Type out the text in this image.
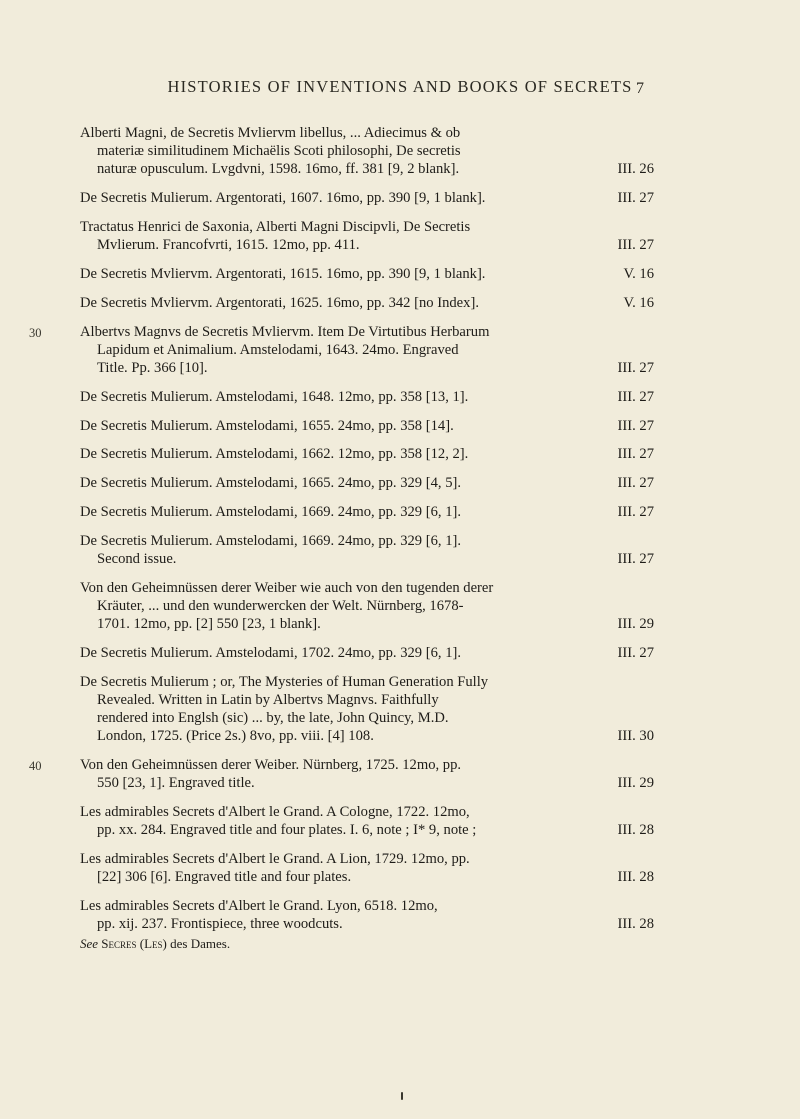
HISTORIES OF INVENTIONS AND BOOKS OF SECRETS 7
Alberti Magni, de Secretis Mvliervm libellus, ... Adiecimus & ob
materiæ similitudinem Michaëlis Scoti philosophi, De secretis
naturæ opusculum. Lvgdvni, 1598. 16mo, ff. 381 [9, 2 blank].	III. 26
De Secretis Mulierum. Argentorati, 1607. 16mo, pp. 390 [9, 1 blank].	III. 27
Tractatus Henrici de Saxonia, Alberti Magni Discipvli, De Secretis
Mvlierum. Francofvrti, 1615. 12mo, pp. 411.	III. 27
De Secretis Mvliervm. Argentorati, 1615. 16mo, pp. 390 [9, 1 blank].	V. 16
De Secretis Mvliervm. Argentorati, 1625. 16mo, pp. 342 [no Index].	V. 16
30	Albertvs Magnvs de Secretis Mvliervm. Item De Virtutibus Herbarum
Lapidum et Animalium. Amstelodami, 1643. 24mo. Engraved
Title. Pp. 366 [10].	III. 27
De Secretis Mulierum. Amstelodami, 1648. 12mo, pp. 358 [13, 1].	III. 27
De Secretis Mulierum. Amstelodami, 1655. 24mo, pp. 358 [14].	III. 27
De Secretis Mulierum. Amstelodami, 1662. 12mo, pp. 358 [12, 2].	III. 27
De Secretis Mulierum. Amstelodami, 1665. 24mo, pp. 329 [4, 5].	III. 27
De Secretis Mulierum. Amstelodami, 1669. 24mo, pp. 329 [6, 1].	III. 27
De Secretis Mulierum. Amstelodami, 1669. 24mo, pp. 329 [6, 1].
Second issue.	III. 27
Von den Geheimnüssen derer Weiber wie auch von den tugenden derer
Kräuter, ... und den wunderwercken der Welt. Nürnberg, 1678-
1701. 12mo, pp. [2] 550 [23, 1 blank].	III. 29
De Secretis Mulierum. Amstelodami, 1702. 24mo, pp. 329 [6, 1].	III. 27
De Secretis Mulierum ; or, The Mysteries of Human Generation Fully
Revealed. Written in Latin by Albertvs Magnvs. Faithfully
rendered into Englsh (sic) ... by, the late, John Quincy, M.D.
London, 1725. (Price 2s.) 8vo, pp. viii. [4] 108.	III. 30
40	Von den Geheimnüssen derer Weiber. Nürnberg, 1725. 12mo, pp.
550 [23, 1]. Engraved title.	III. 29
Les admirables Secrets d'Albert le Grand. A Cologne, 1722. 12mo,
pp. xx. 284. Engraved title and four plates. I. 6, note ; I* 9, note ;	III. 28
Les admirables Secrets d'Albert le Grand. A Lion, 1729. 12mo, pp.
[22] 306 [6]. Engraved title and four plates.	III. 28
Les admirables Secrets d'Albert le Grand. Lyon, 6518. 12mo,
pp. xij. 237. Frontispiece, three woodcuts.	III. 28
See Secres (Les) des Dames.
